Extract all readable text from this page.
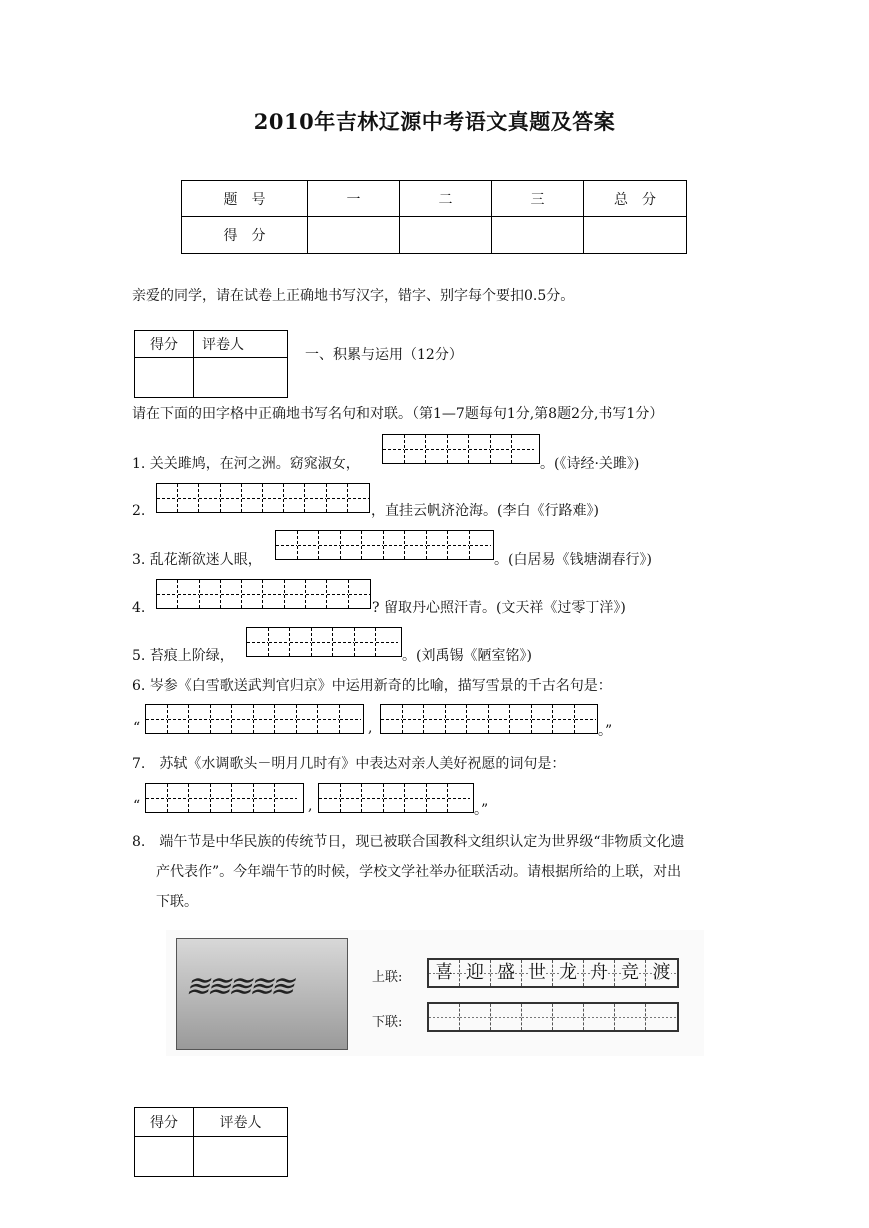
2010年吉林辽源中考语文真题及答案
题　号	一	二	三	总　分
得　分				
亲爱的同学，请在试卷上正确地书写汉字，错字、别字每个要扣0.5分。
得分	评卷人

一、积累与运用（12分）
请在下面的田字格中正确地书写名句和对联。（第1—7题每句1分,第8题2分,书写1分）
1. 关关雎鸠，在河之洲。窈窕淑女，	。(《诗经·关雎》)
2.	，直挂云帆济沧海。(李白《行路难》)
3. 乱花渐欲迷人眼，	。(白居易《钱塘湖春行》)
4.	? 留取丹心照汗青。(文天祥《过零丁洋》)
5. 苔痕上阶绿，	。(刘禹锡《陋室铭》)
6. 岑参《白雪歌送武判官归京》中运用新奇的比喻，描写雪景的千古名句是：
“	,	。”
7.　苏轼《水调歌头－明月几时有》中表达对亲人美好祝愿的词句是：
“	,	。”
8.　端午节是中华民族的传统节日，现已被联合国教科文组织认定为世界级“非物质文化遗
产代表作”。今年端午节的时候，学校文学社举办征联活动。请根据所给的上联，对出
下联。
≋≋≋≋≋	上联:	喜 迎 盛 世 龙 舟 竞 渡
下联:
得分	评卷人
